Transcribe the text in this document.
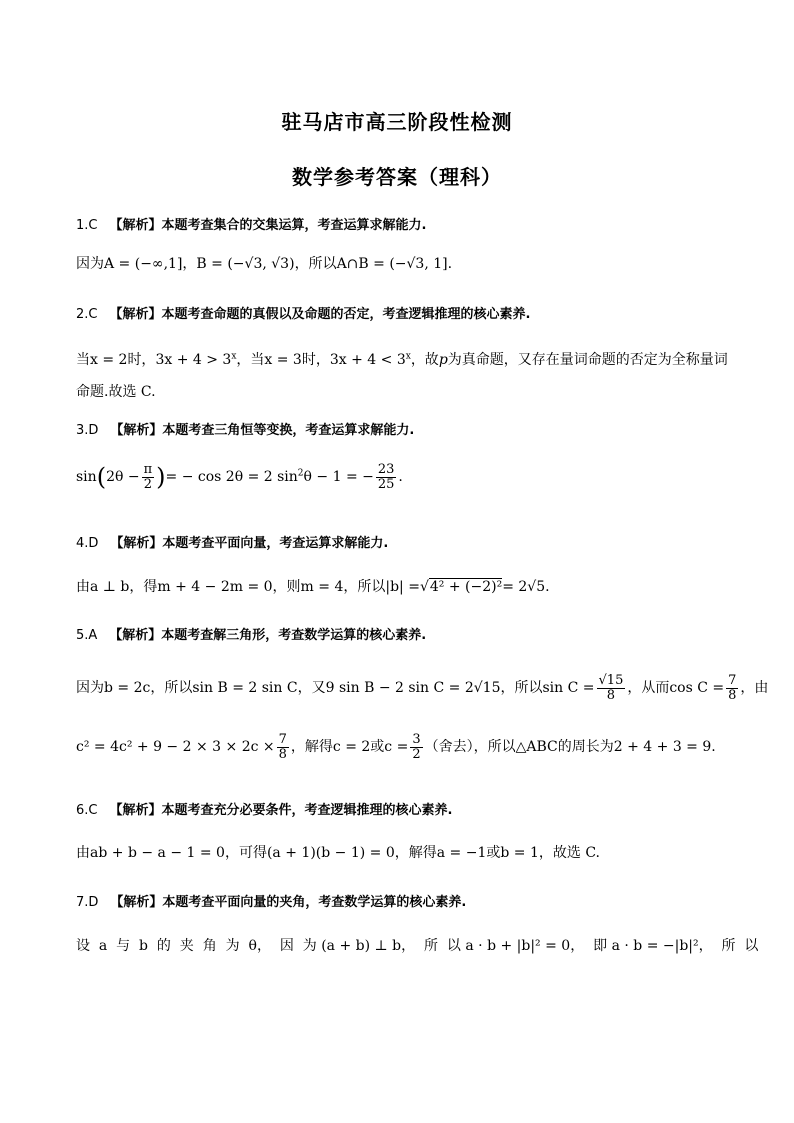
驻马店市高三阶段性检测
数学参考答案（理科）
1.C 【解析】本题考查集合的交集运算，考查运算求解能力.
因为A = (−∞,1]，B = (−√3, √3)，所以A∩B = (−√3, 1].
2.C 【解析】本题考查命题的真假以及命题的否定，考查逻辑推理的核心素养.
当x = 2时，$3x + 4 > 3^x$，当x = 3时，$3x + 4 < 3^x$，故p为真命题，又存在量词命题的否定为全称量词
命题.故选 C.
3.D 【解析】本题考查三角恒等变换，考查运算求解能力.
$\sin(2\theta - \frac{\pi}{2}$ )= − cos 2θ = 2 $\sin^2\theta - 1$ = − $\frac{23}{25}$ .
4.D 【解析】本题考查平面向量，考查运算求解能力.
由a ⊥ b，得m + 4 − 2m = 0，则m = 4，所以|b| =√4² + (−2)²= 2√5.
5.A 【解析】本题考查解三角形，考查数学运算的核心素养.
因为b = 2c，所以sin B = 2 sin C，又9 sin B − 2 sin C = 2√15，所以$\sin C = \frac{√15}{8}$ ，从而$\cos C = \frac{7}{8}$ ，由
$c^2 = 4c^2 + 9 - 2 \times 3 \times 2c \times \frac{7}{8}$ ，解得c = 2或$c = \frac{3}{2}$ （舍去），所以△ABC的周长为2 + 4 + 3 = 9.
6.C 【解析】本题考查充分必要条件，考查逻辑推理的核心素养.
由ab + b − a − 1 = 0，可得(a + 1)(b − 1) = 0，解得a = −1或b = 1，故选 C.
7.D 【解析】本题考查平面向量的夹角，考查数学运算的核心素养.
设  a  与  b  的  夹  角  为  θ，  因  为 (a + b) ⊥ b，  所  以 a · b + |b|² = 0，  即 a · b = −|b|²，  所  以
